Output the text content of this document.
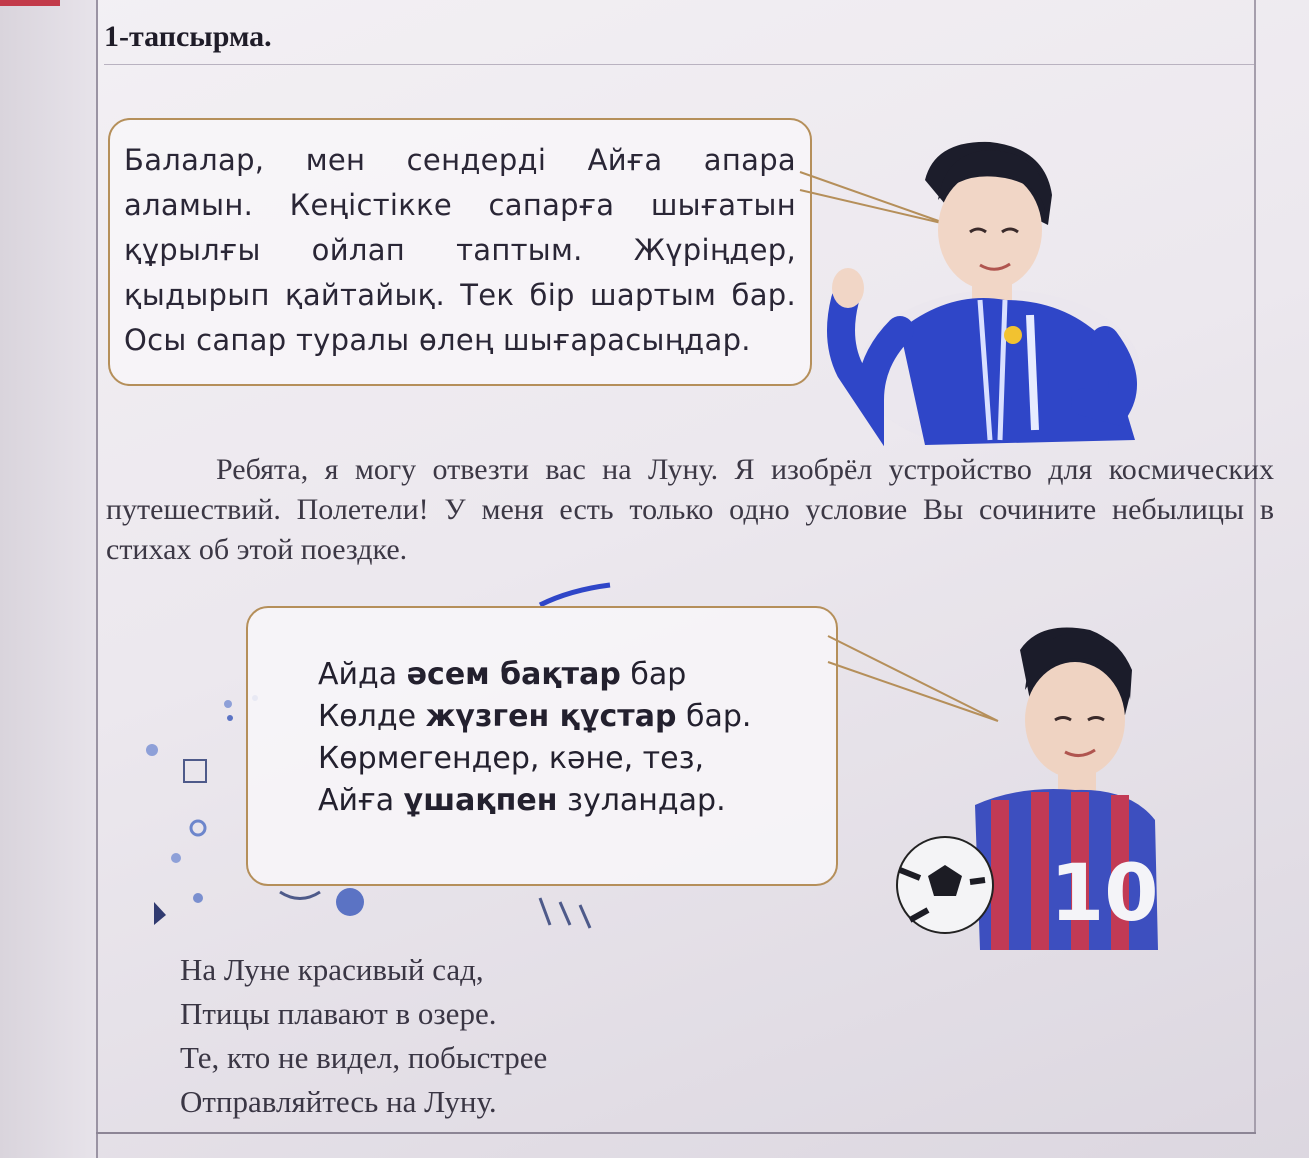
1-тапсырма.
Балалар, мен сендерді Айға апара аламын. Кеңістікке сапарға шығатын құрылғы ойлап таптым. Жүріңдер, қыдырып қайтайық. Тек бір шартым бар. Осы сапар туралы өлең шығарасыңдар.
Ребята, я могу отвезти вас на Луну. Я изобрёл устройство для космических путешествий. Полетели! У меня есть только одно условие Вы сочините небылицы в стихах об этой поездке.
Айда әсем бақтар бар
Көлде жүзген құстар бар.
Көрмегендер, кәне, тез,
Айға ұшақпен зуландар.
10
На Луне красивый сад,
Птицы плавают в озере.
Те, кто не видел, побыстрее
Отправляйтесь на Луну.
